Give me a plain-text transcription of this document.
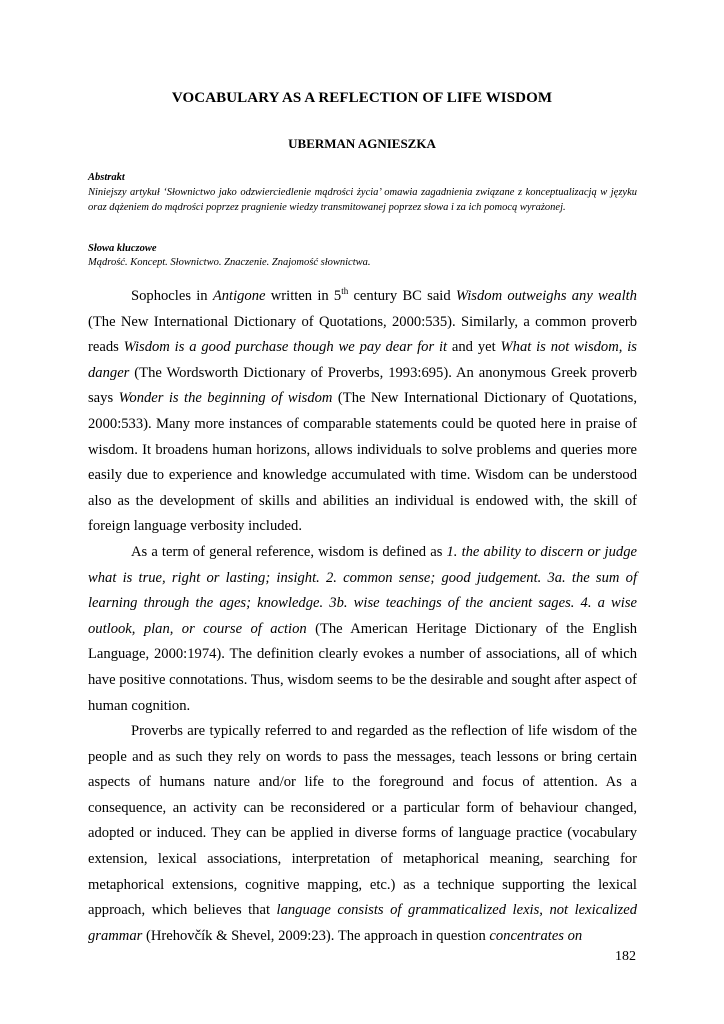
VOCABULARY AS A REFLECTION OF LIFE WISDOM
UBERMAN AGNIESZKA
Abstrakt
Niniejszy artykuł ‘Słownictwo jako odzwierciedlenie mądrości życia’ omawia zagadnienia związane z konceptualizacją w języku oraz dążeniem do mądrości poprzez pragnienie wiedzy transmitowanej poprzez słowa i za ich pomocą wyrażonej.
Słowa kluczowe
Mądrość. Koncept. Słownictwo. Znaczenie. Znajomość słownictwa.

Sophocles in Antigone written in 5th century BC said Wisdom outweighs any wealth (The New International Dictionary of Quotations, 2000:535). Similarly, a common proverb reads Wisdom is a good purchase though we pay dear for it and yet What is not wisdom, is danger (The Wordsworth Dictionary of Proverbs, 1993:695). An anonymous Greek proverb says Wonder is the beginning of wisdom (The New International Dictionary of Quotations, 2000:533). Many more instances of comparable statements could be quoted here in praise of wisdom. It broadens human horizons, allows individuals to solve problems and queries more easily due to experience and knowledge accumulated with time. Wisdom can be understood also as the development of skills and abilities an individual is endowed with, the skill of foreign language verbosity included.

As a term of general reference, wisdom is defined as 1. the ability to discern or judge what is true, right or lasting; insight. 2. common sense; good judgement. 3a. the sum of learning through the ages; knowledge. 3b. wise teachings of the ancient sages. 4. a wise outlook, plan, or course of action (The American Heritage Dictionary of the English Language, 2000:1974). The definition clearly evokes a number of associations, all of which have positive connotations. Thus, wisdom seems to be the desirable and sought after aspect of human cognition.

Proverbs are typically referred to and regarded as the reflection of life wisdom of the people and as such they rely on words to pass the messages, teach lessons or bring certain aspects of humans nature and/or life to the foreground and focus of attention. As a consequence, an activity can be reconsidered or a particular form of behaviour changed, adopted or induced. They can be applied in diverse forms of language practice (vocabulary extension, lexical associations, interpretation of metaphorical meaning, searching for metaphorical extensions, cognitive mapping, etc.) as a technique supporting the lexical approach, which believes that language consists of grammaticalized lexis, not lexicalized grammar (Hrehovčík & Shevel, 2009:23). The approach in question concentrates on

182
